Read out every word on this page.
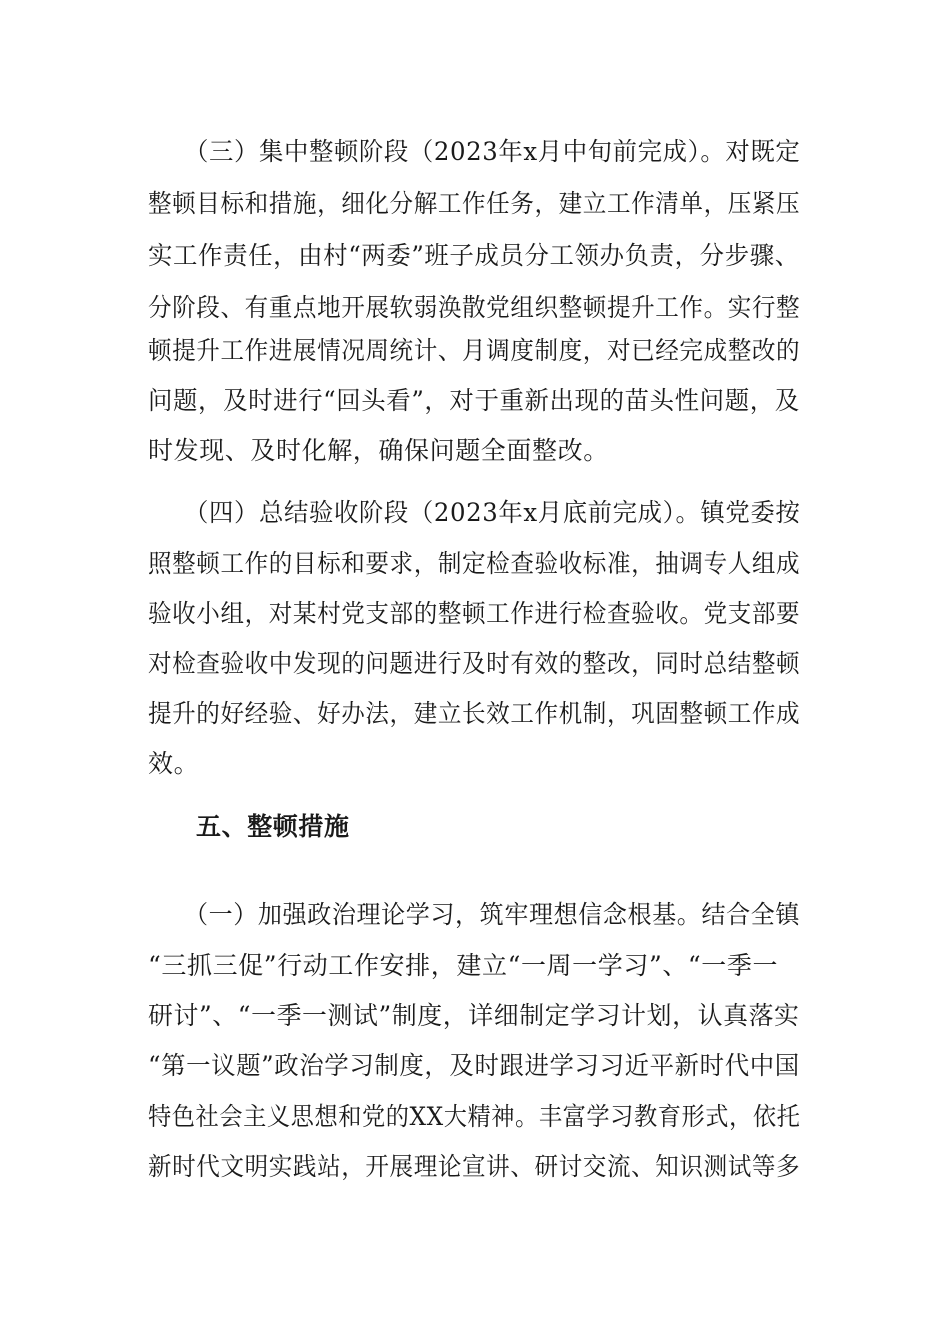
（三）集中整顿阶段（2023年x月中旬前完成）。对既定
整顿目标和措施，细化分解工作任务，建立工作清单，压紧压
实工作责任，由村“两委”班子成员分工领办负责，分步骤、
分阶段、有重点地开展软弱涣散党组织整顿提升工作。实行整
顿提升工作进展情况周统计、月调度制度，对已经完成整改的
问题，及时进行“回头看”，对于重新出现的苗头性问题，及
时发现、及时化解，确保问题全面整改。
（四）总结验收阶段（2023年x月底前完成）。镇党委按
照整顿工作的目标和要求，制定检查验收标准，抽调专人组成
验收小组，对某村党支部的整顿工作进行检查验收。党支部要
对检查验收中发现的问题进行及时有效的整改，同时总结整顿
提升的好经验、好办法，建立长效工作机制，巩固整顿工作成
效。
五、整顿措施
（一）加强政治理论学习，筑牢理想信念根基。结合全镇
“三抓三促”行动工作安排，建立“一周一学习”、“一季一
研讨”、“一季一测试”制度，详细制定学习计划，认真落实
“第一议题”政治学习制度，及时跟进学习习近平新时代中国
特色社会主义思想和党的XX大精神。丰富学习教育形式，依托
新时代文明实践站，开展理论宣讲、研讨交流、知识测试等多
